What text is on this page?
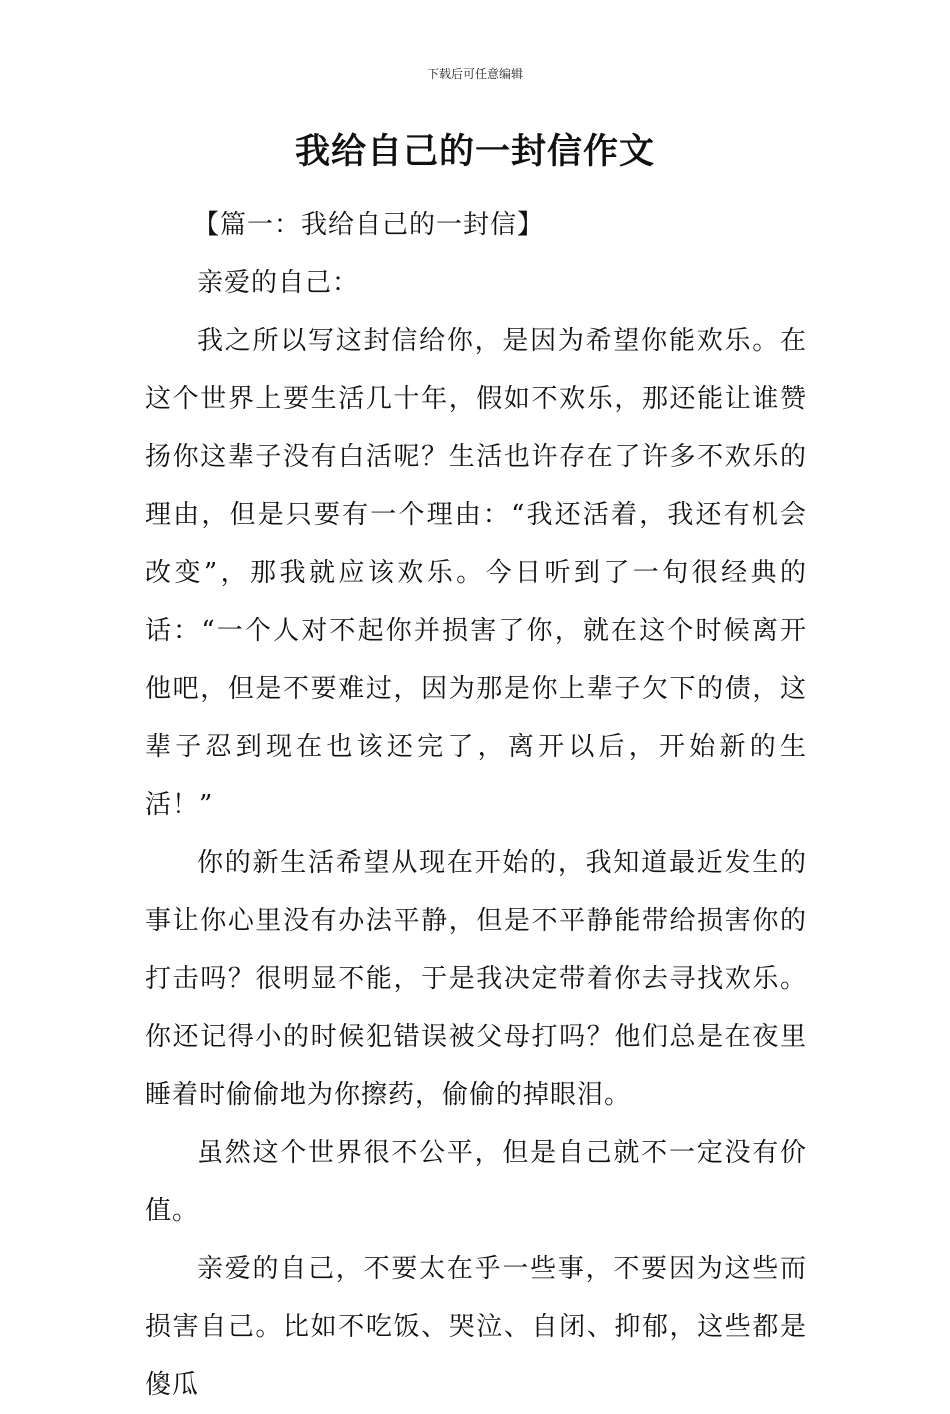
下载后可任意编辑
我给自己的一封信作文

【篇一：我给自己的一封信】

亲爱的自己：

我之所以写这封信给你，是因为希望你能欢乐。在这个世界上要生活几十年，假如不欢乐，那还能让谁赞扬你这辈子没有白活呢？生活也许存在了许多不欢乐的理由，但是只要有一个理由：“我还活着，我还有机会改变”，那我就应该欢乐。今日听到了一句很经典的话：“一个人对不起你并损害了你，就在这个时候离开他吧，但是不要难过，因为那是你上辈子欠下的债，这辈子忍到现在也该还完了，离开以后，开始新的生活！”

你的新生活希望从现在开始的，我知道最近发生的事让你心里没有办法平静，但是不平静能带给损害你的打击吗？很明显不能，于是我决定带着你去寻找欢乐。你还记得小的时候犯错误被父母打吗？他们总是在夜里睡着时偷偷地为你擦药，偷偷的掉眼泪。

虽然这个世界很不公平，但是自己就不一定没有价值。

亲爱的自己，不要太在乎一些事，不要因为这些而损害自己。比如不吃饭、哭泣、自闭、抑郁，这些都是傻瓜
